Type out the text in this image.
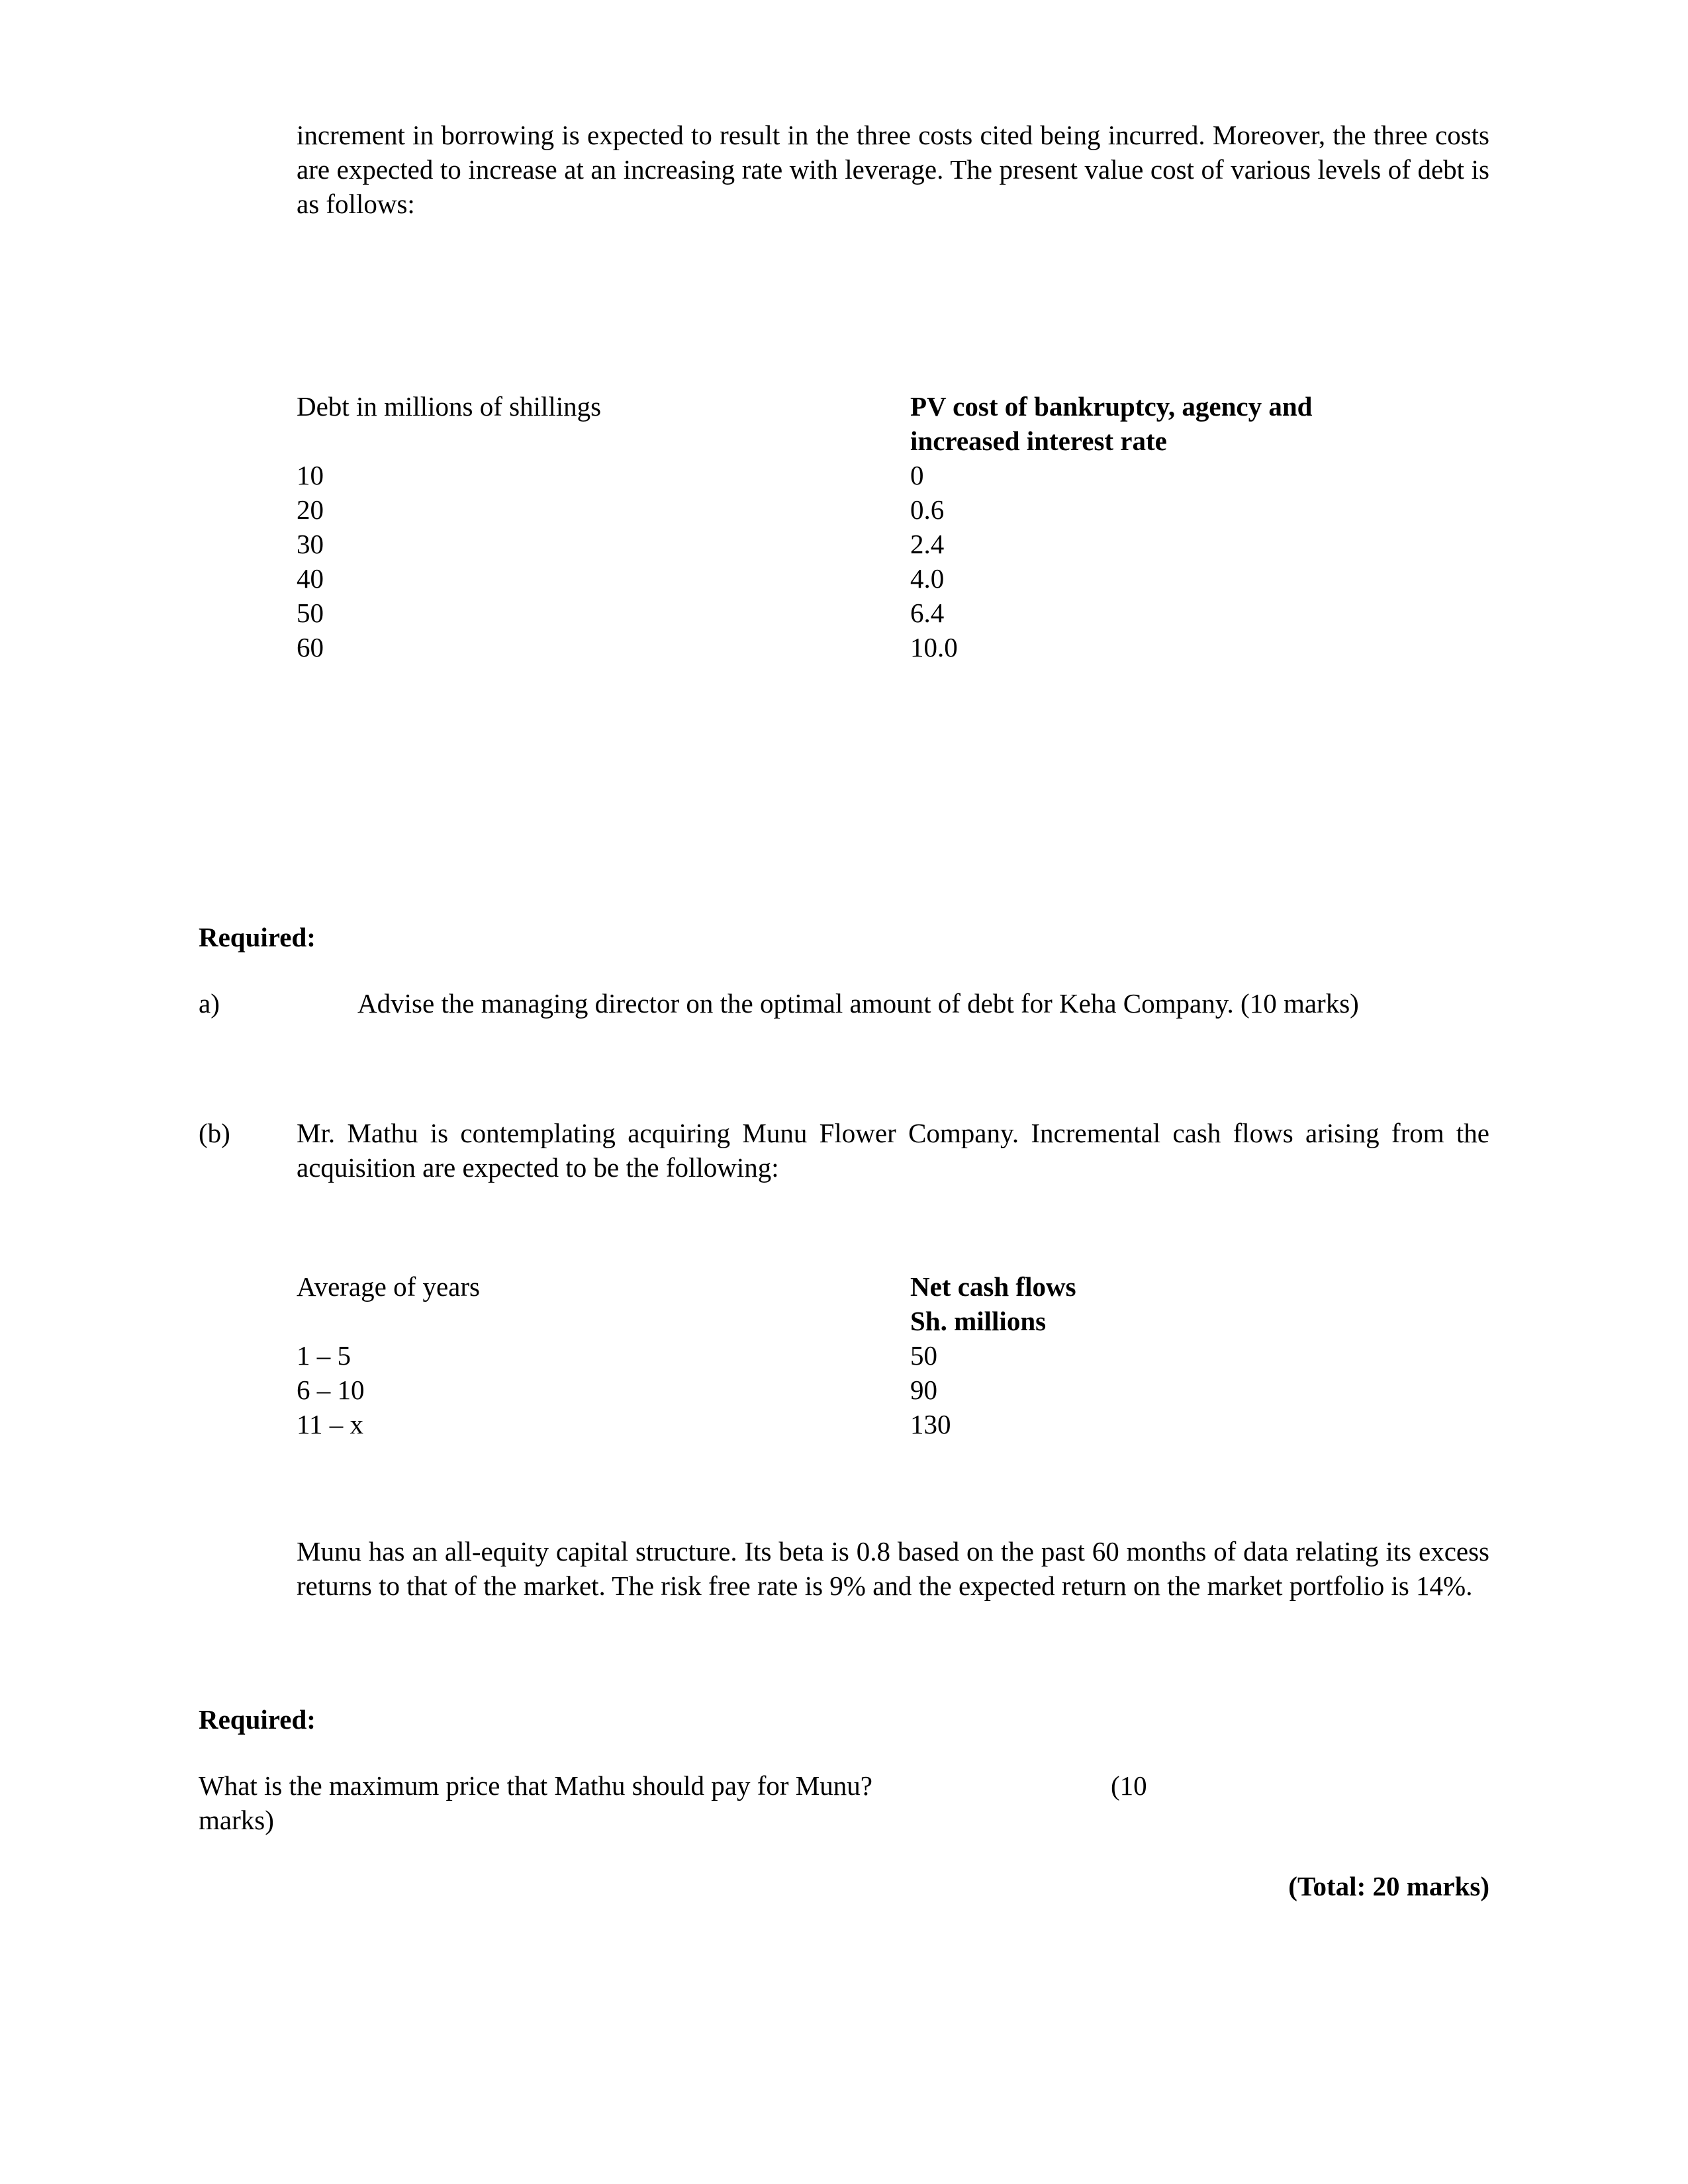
increment in borrowing is expected to result in the three costs cited being incurred. Moreover, the three costs are expected to increase at an increasing rate with leverage. The present value cost of various levels of debt is as follows:
Debt in millions of shillings	PV cost of bankruptcy, agency and
increased interest rate
10	0
20	0.6
30	2.4
40	4.0
50	6.4
60	10.0
Required:
a)	Advise the managing director on the optimal amount of debt for Keha Company. (10 marks)
(b)	Mr. Mathu is contemplating acquiring Munu Flower Company. Incremental cash flows arising from the acquisition are expected to be the following:
Average of years	Net cash flows
Sh. millions
1 – 5	50
6 – 10	90
11 – x	130
Munu has an all-equity capital structure. Its beta is 0.8 based on the past 60 months of data relating its excess returns to that of the market. The risk free rate is 9% and the expected return on the market portfolio is 14%.
Required:
What is the maximum price that Mathu should pay for Munu?	(10
marks)
(Total: 20 marks)
